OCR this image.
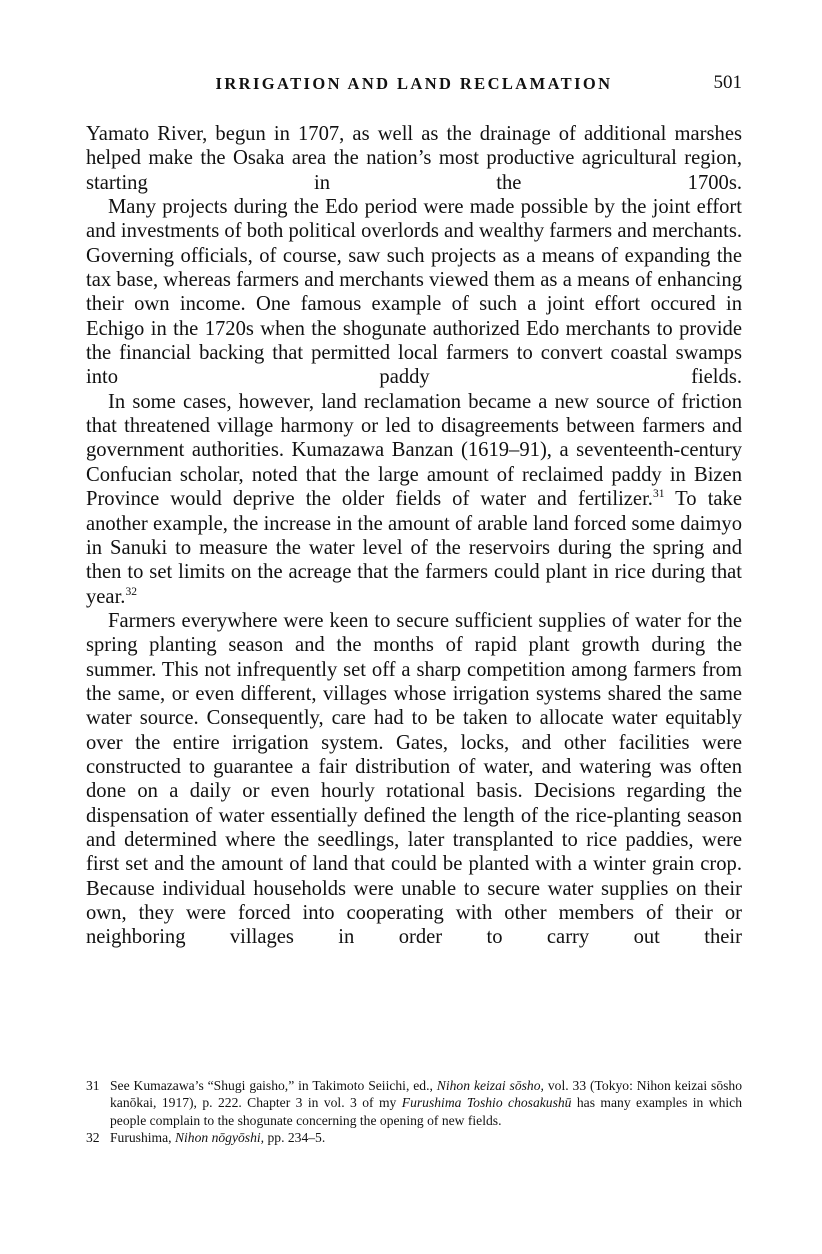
IRRIGATION AND LAND RECLAMATION	501

Yamato River, begun in 1707, as well as the drainage of additional marshes helped make the Osaka area the nation’s most productive agricultural region, starting in the 1700s.

Many projects during the Edo period were made possible by the joint effort and investments of both political overlords and wealthy farmers and merchants. Governing officials, of course, saw such projects as a means of expanding the tax base, whereas farmers and merchants viewed them as a means of enhancing their own income. One famous example of such a joint effort occured in Echigo in the 1720s when the shogunate authorized Edo merchants to provide the financial backing that permitted local farmers to convert coastal swamps into paddy fields.

In some cases, however, land reclamation became a new source of friction that threatened village harmony or led to disagreements between farmers and government authorities. Kumazawa Banzan (1619–91), a seventeenth-century Confucian scholar, noted that the large amount of reclaimed paddy in Bizen Province would deprive the older fields of water and fertilizer.$^{31}$ To take another example, the increase in the amount of arable land forced some daimyo in Sanuki to measure the water level of the reservoirs during the spring and then to set limits on the acreage that the farmers could plant in rice during that year.$^{32}$

Farmers everywhere were keen to secure sufficient supplies of water for the spring planting season and the months of rapid plant growth during the summer. This not infrequently set off a sharp competition among farmers from the same, or even different, villages whose irrigation systems shared the same water source. Consequently, care had to be taken to allocate water equitably over the entire irrigation system. Gates, locks, and other facilities were constructed to guarantee a fair distribution of water, and watering was often done on a daily or even hourly rotational basis. Decisions regarding the dispensation of water essentially defined the length of the rice-planting season and determined where the seedlings, later transplanted to rice paddies, were first set and the amount of land that could be planted with a winter grain crop. Because individual households were unable to secure water supplies on their own, they were forced into cooperating with other members of their or neighboring villages in order to carry out their

31 See Kumazawa’s “Shugi gaisho,” in Takimoto Seiichi, ed., Nihon keizai sōsho, vol. 33 (Tokyo: Nihon keizai sōsho kanōkai, 1917), p. 222. Chapter 3 in vol. 3 of my Furushima Toshio chosakushū has many examples in which people complain to the shogunate concerning the opening of new fields.
32 Furushima, Nihon nōgyōshi, pp. 234–5.
